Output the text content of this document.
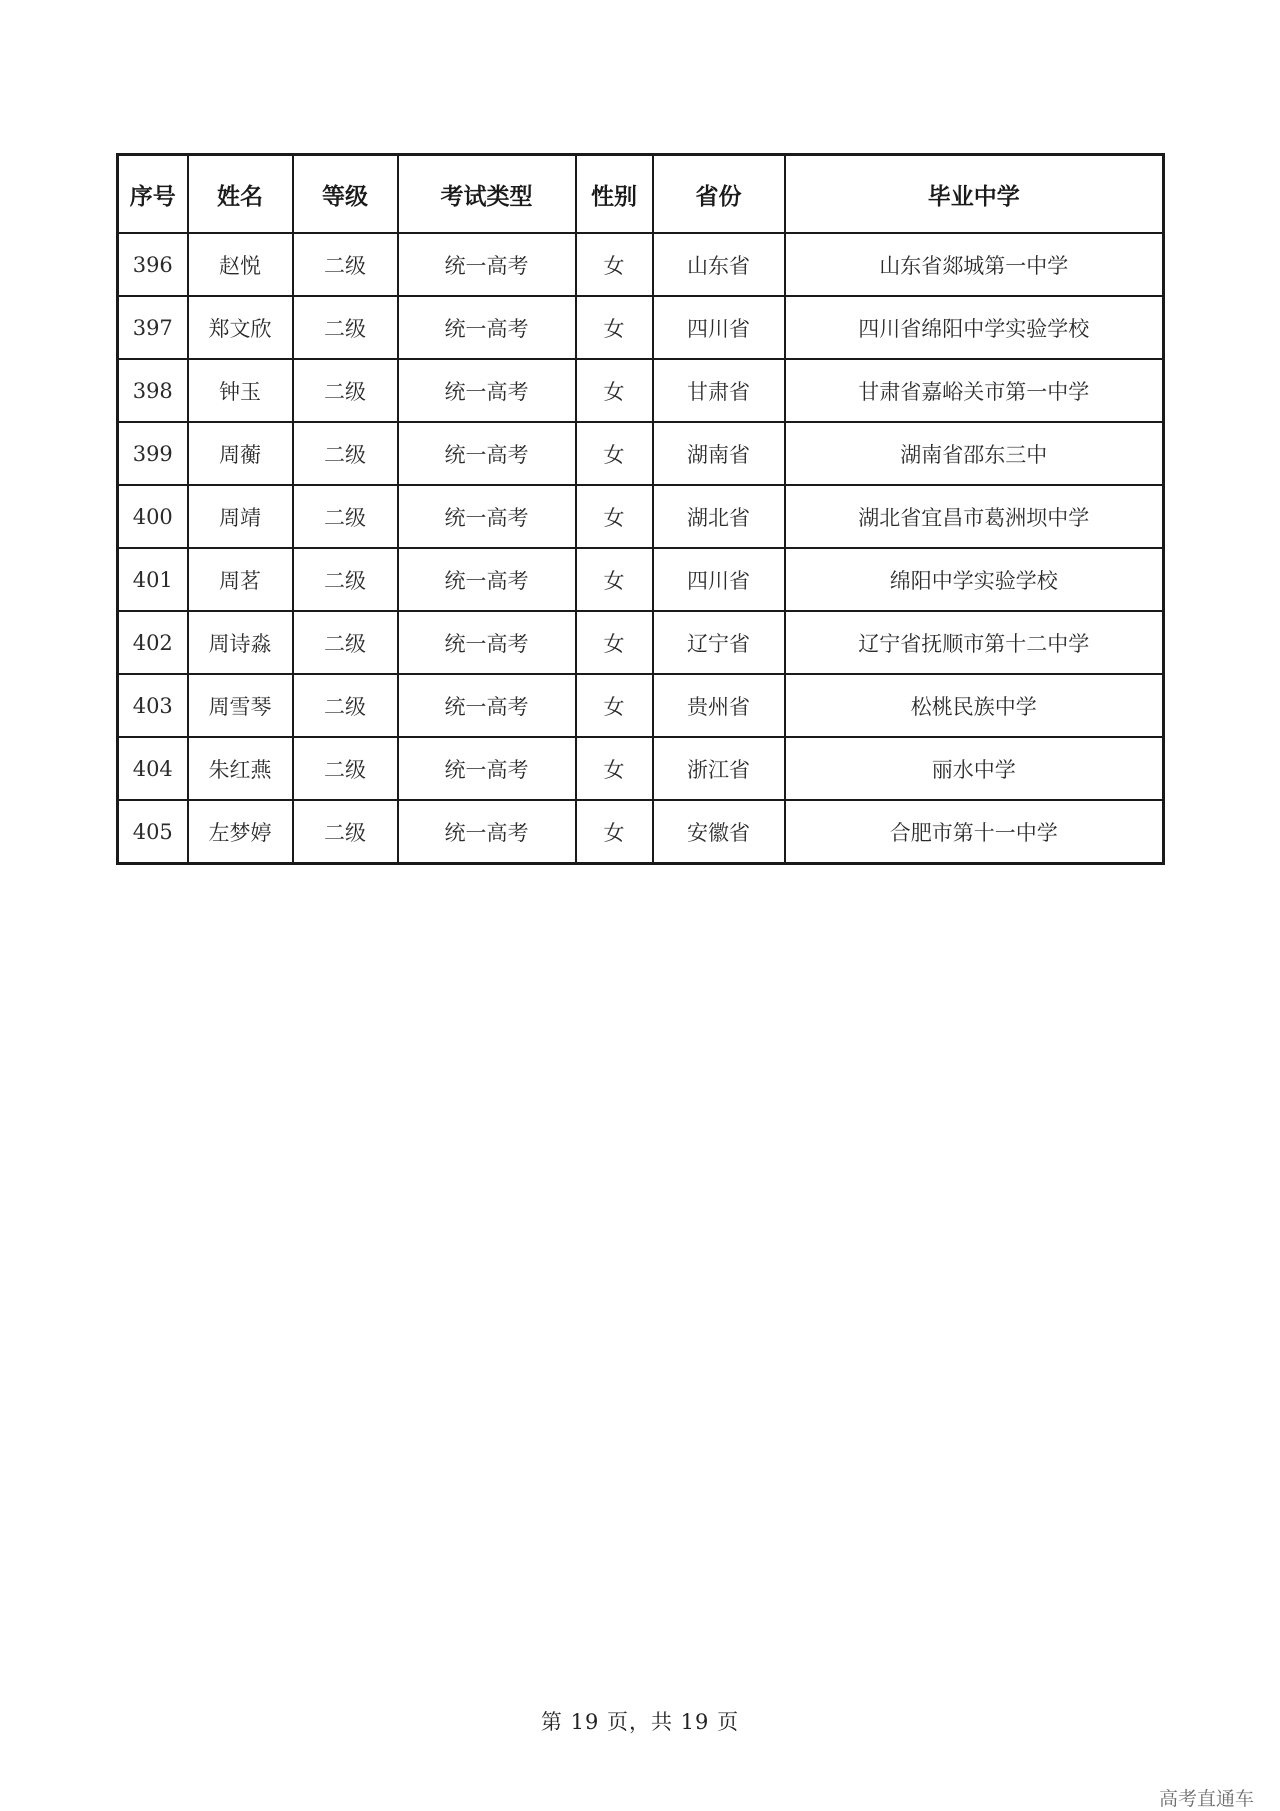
序号	姓名	等级	考试类型	性别	省份	毕业中学
396	赵悦	二级	统一高考	女	山东省	山东省郯城第一中学
397	郑文欣	二级	统一高考	女	四川省	四川省绵阳中学实验学校
398	钟玉	二级	统一高考	女	甘肃省	甘肃省嘉峪关市第一中学
399	周蘅	二级	统一高考	女	湖南省	湖南省邵东三中
400	周靖	二级	统一高考	女	湖北省	湖北省宜昌市葛洲坝中学
401	周茗	二级	统一高考	女	四川省	绵阳中学实验学校
402	周诗淼	二级	统一高考	女	辽宁省	辽宁省抚顺市第十二中学
403	周雪琴	二级	统一高考	女	贵州省	松桃民族中学
404	朱红燕	二级	统一高考	女	浙江省	丽水中学
405	左梦婷	二级	统一高考	女	安徽省	合肥市第十一中学
第 19 页，共 19 页
高考直通车
